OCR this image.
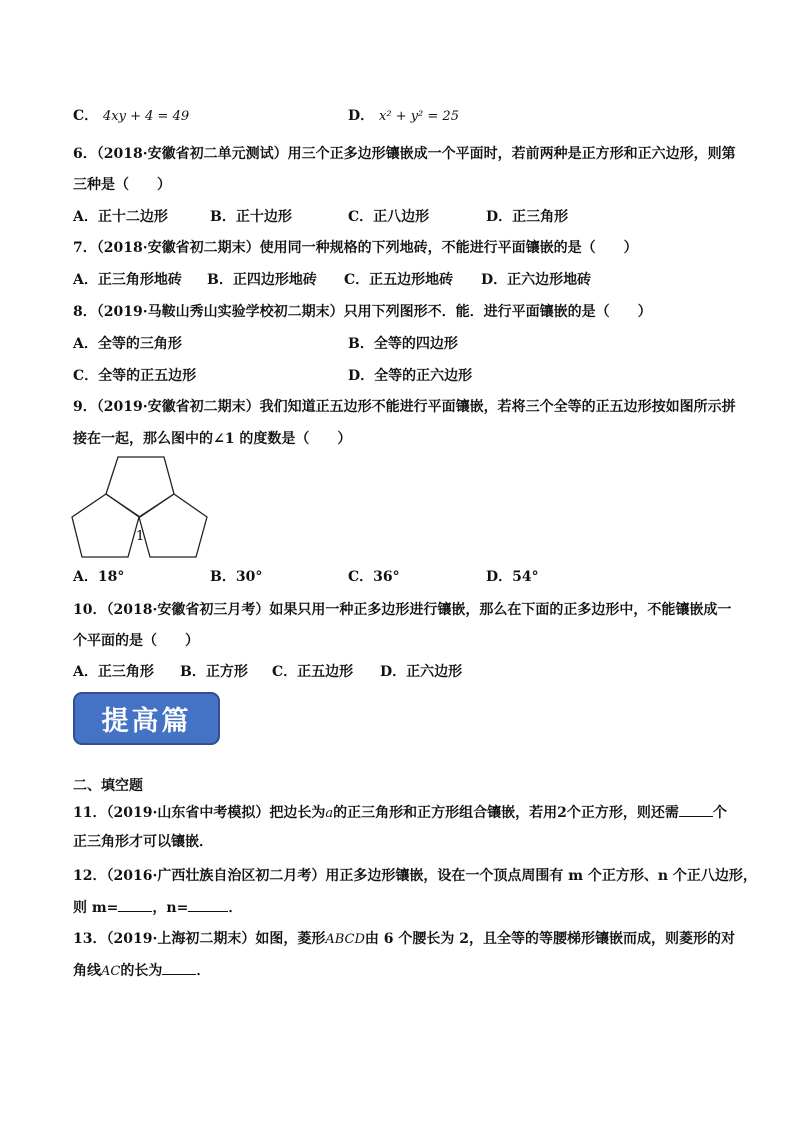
C． 4xy + 4 = 49	D． x² + y² = 25
6．（2018·安徽省初二单元测试）用三个正多边形镶嵌成一个平面时，若前两种是正方形和正六边形，则第
三种是（　　）
A．正十二边形	B．正十边形	C．正八边形	D．正三角形
7．（2018·安徽省初二期末）使用同一种规格的下列地砖，不能进行平面镶嵌的是（　　）
A．正三角形地砖 B．正四边形地砖 C．正五边形地砖 D．正六边形地砖
8．（2019·马鞍山秀山实验学校初二期末）只用下列图形不．能．进行平面镶嵌的是（　　）
A．全等的三角形	B．全等的四边形
C．全等的正五边形	D．全等的正六边形
9．（2019·安徽省初二期末）我们知道正五边形不能进行平面镶嵌，若将三个全等的正五边形按如图所示拼
接在一起，那么图中的∠1 的度数是（　　）
1
A．18°	B．30°	C．36°	D．54°
10．（2018·安徽省初三月考）如果只用一种正多边形进行镶嵌，那么在下面的正多边形中，不能镶嵌成一
个平面的是（　　）
A．正三角形 B．正方形 C．正五边形 D．正六边形
提高篇
二、填空题
11．（2019·山东省中考模拟）把边长为a的正三角形和正方形组合镶嵌，若用2个正方形，则还需 个
正三角形才可以镶嵌．
12．（2016·广西壮族自治区初二月考）用正多边形镶嵌，设在一个顶点周围有 m 个正方形、n 个正八边形，
则 m= ，n=	．
13．（2019·上海初二期末）如图，菱形ABCD由 6 个腰长为 2，且全等的等腰梯形镶嵌而成，则菱形的对
角线AC的长为 ．
